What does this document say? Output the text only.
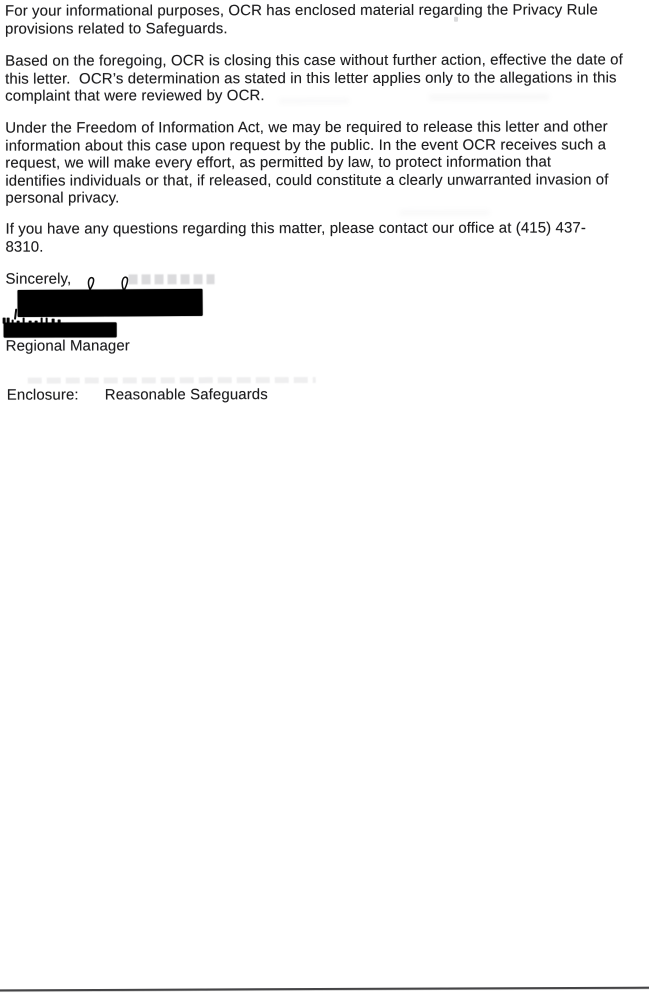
For your informational purposes, OCR has enclosed material regarding the Privacy Rule
provisions related to Safeguards.
Based on the foregoing, OCR is closing this case without further action, effective the date of
this letter.  OCR’s determination as stated in this letter applies only to the allegations in this
complaint that were reviewed by OCR.
Under the Freedom of Information Act, we may be required to release this letter and other
information about this case upon request by the public. In the event OCR receives such a
request, we will make every effort, as permitted by law, to protect information that
identifies individuals or that, if released, could constitute a clearly unwarranted invasion of
personal privacy.
If you have any questions regarding this matter, please contact our office at (415) 437-
8310.
Sincerely,
Regional Manager
Enclosure:	Reasonable Safeguards
